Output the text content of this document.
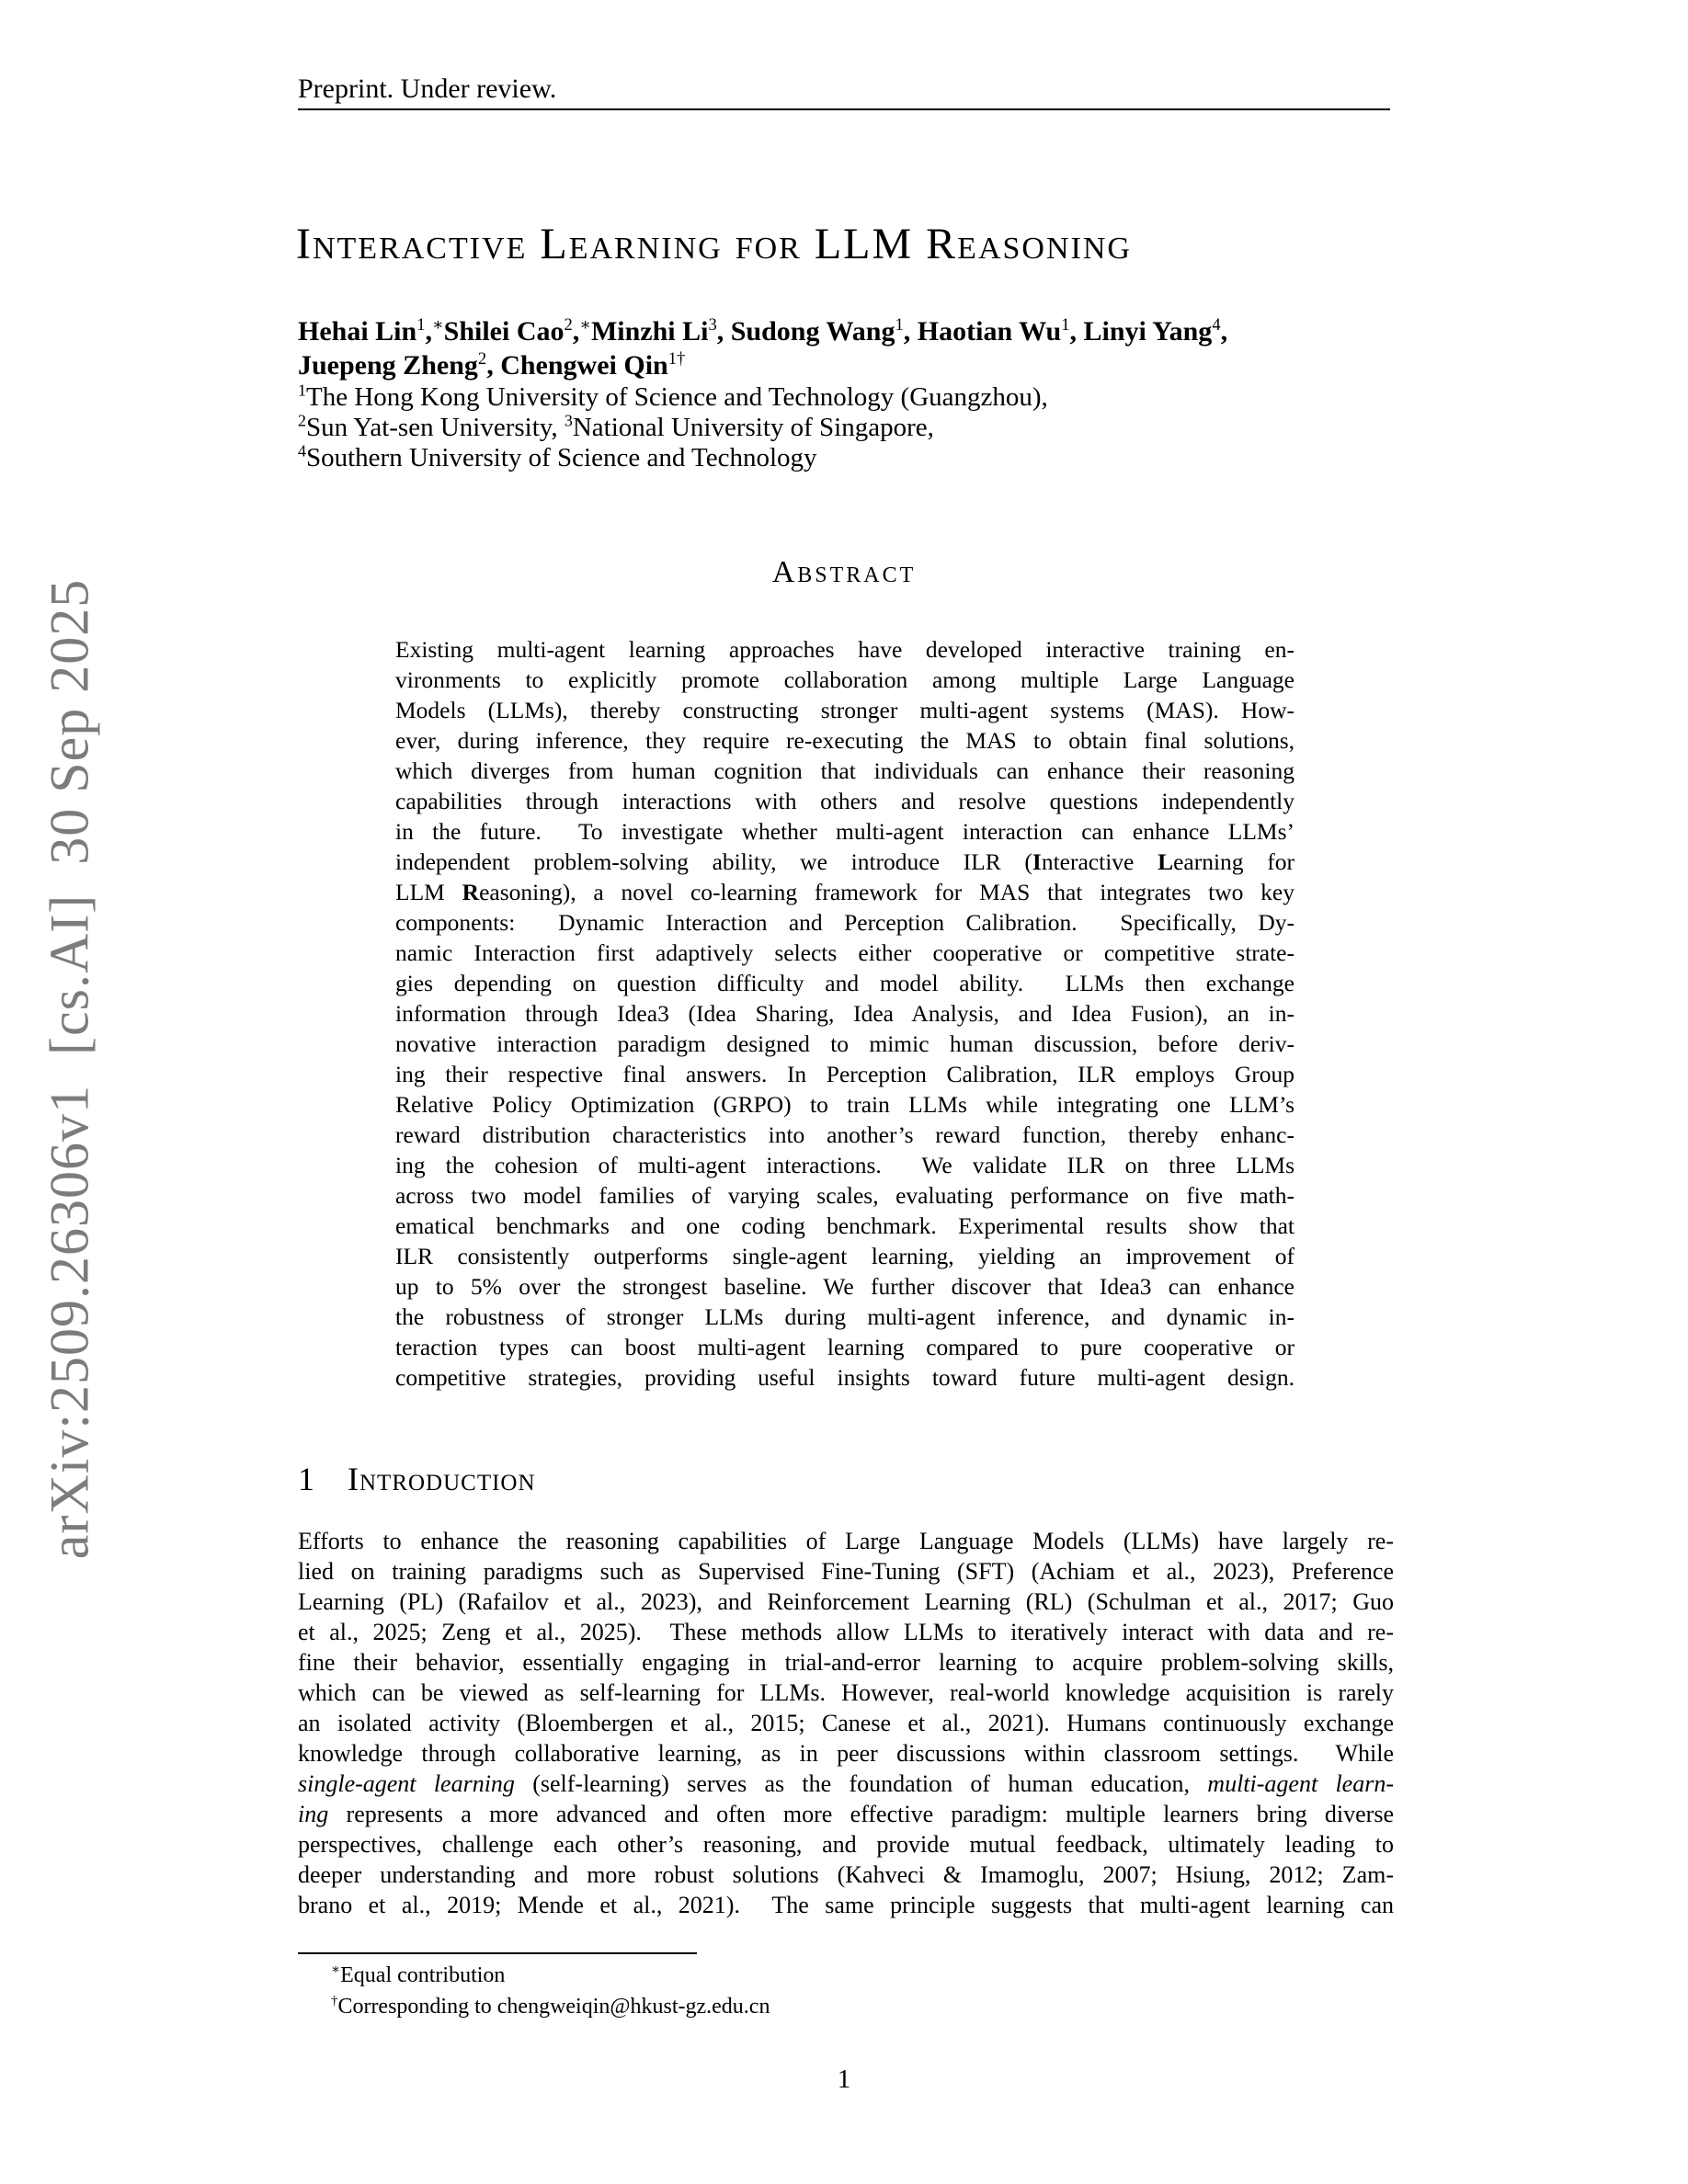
arXiv:2509.26306v1  [cs.AI]  30 Sep 2025

Preprint. Under review.
Interactive Learning for LLM Reasoning
Hehai Lin$^1$,∗Shilei Cao$^2$,∗Minzhi Li$^3$, Sudong Wang$^1$, Haotian Wu$^1$, Linyi Yang$^4$,
Juepeng Zheng$^2$, Chengwei Qin$^{1\dagger}$
$^1$The Hong Kong University of Science and Technology (Guangzhou),
$^2$Sun Yat-sen University, $^3$National University of Singapore,
$^4$Southern University of Science and Technology
Abstract
Existing multi-agent learning approaches have developed interactive training en-
vironments to explicitly promote collaboration among multiple Large Language
Models (LLMs), thereby constructing stronger multi-agent systems (MAS). How-
ever, during inference, they require re-executing the MAS to obtain final solutions,
which diverges from human cognition that individuals can enhance their reasoning
capabilities through interactions with others and resolve questions independently
in the future.  To investigate whether multi-agent interaction can enhance LLMs’
independent problem-solving ability, we introduce ILR (Interactive Learning for
LLM Reasoning), a novel co-learning framework for MAS that integrates two key
components:  Dynamic Interaction and Perception Calibration.  Specifically, Dy-
namic Interaction first adaptively selects either cooperative or competitive strate-
gies depending on question difficulty and model ability.  LLMs then exchange
information through Idea3 (Idea Sharing, Idea Analysis, and Idea Fusion), an in-
novative interaction paradigm designed to mimic human discussion, before deriv-
ing their respective final answers. In Perception Calibration, ILR employs Group
Relative Policy Optimization (GRPO) to train LLMs while integrating one LLM’s
reward distribution characteristics into another’s reward function, thereby enhanc-
ing the cohesion of multi-agent interactions.  We validate ILR on three LLMs
across two model families of varying scales, evaluating performance on five math-
ematical benchmarks and one coding benchmark. Experimental results show that
ILR consistently outperforms single-agent learning, yielding an improvement of
up to 5% over the strongest baseline. We further discover that Idea3 can enhance
the robustness of stronger LLMs during multi-agent inference, and dynamic in-
teraction types can boost multi-agent learning compared to pure cooperative or
competitive strategies, providing useful insights toward future multi-agent design.
1 Introduction
Efforts to enhance the reasoning capabilities of Large Language Models (LLMs) have largely re-
lied on training paradigms such as Supervised Fine-Tuning (SFT) (Achiam et al., 2023), Preference
Learning (PL) (Rafailov et al., 2023), and Reinforcement Learning (RL) (Schulman et al., 2017; Guo
et al., 2025; Zeng et al., 2025).  These methods allow LLMs to iteratively interact with data and re-
fine their behavior, essentially engaging in trial-and-error learning to acquire problem-solving skills,
which can be viewed as self-learning for LLMs. However, real-world knowledge acquisition is rarely
an isolated activity (Bloembergen et al., 2015; Canese et al., 2021). Humans continuously exchange
knowledge through collaborative learning, as in peer discussions within classroom settings.  While
single-agent learning (self-learning) serves as the foundation of human education, multi-agent learn-
ing represents a more advanced and often more effective paradigm: multiple learners bring diverse
perspectives, challenge each other’s reasoning, and provide mutual feedback, ultimately leading to
deeper understanding and more robust solutions (Kahveci & Imamoglu, 2007; Hsiung, 2012; Zam-
brano et al., 2019; Mende et al., 2021).  The same principle suggests that multi-agent learning can
∗Equal contribution
†Corresponding to chengweiqin@hkust-gz.edu.cn
1
